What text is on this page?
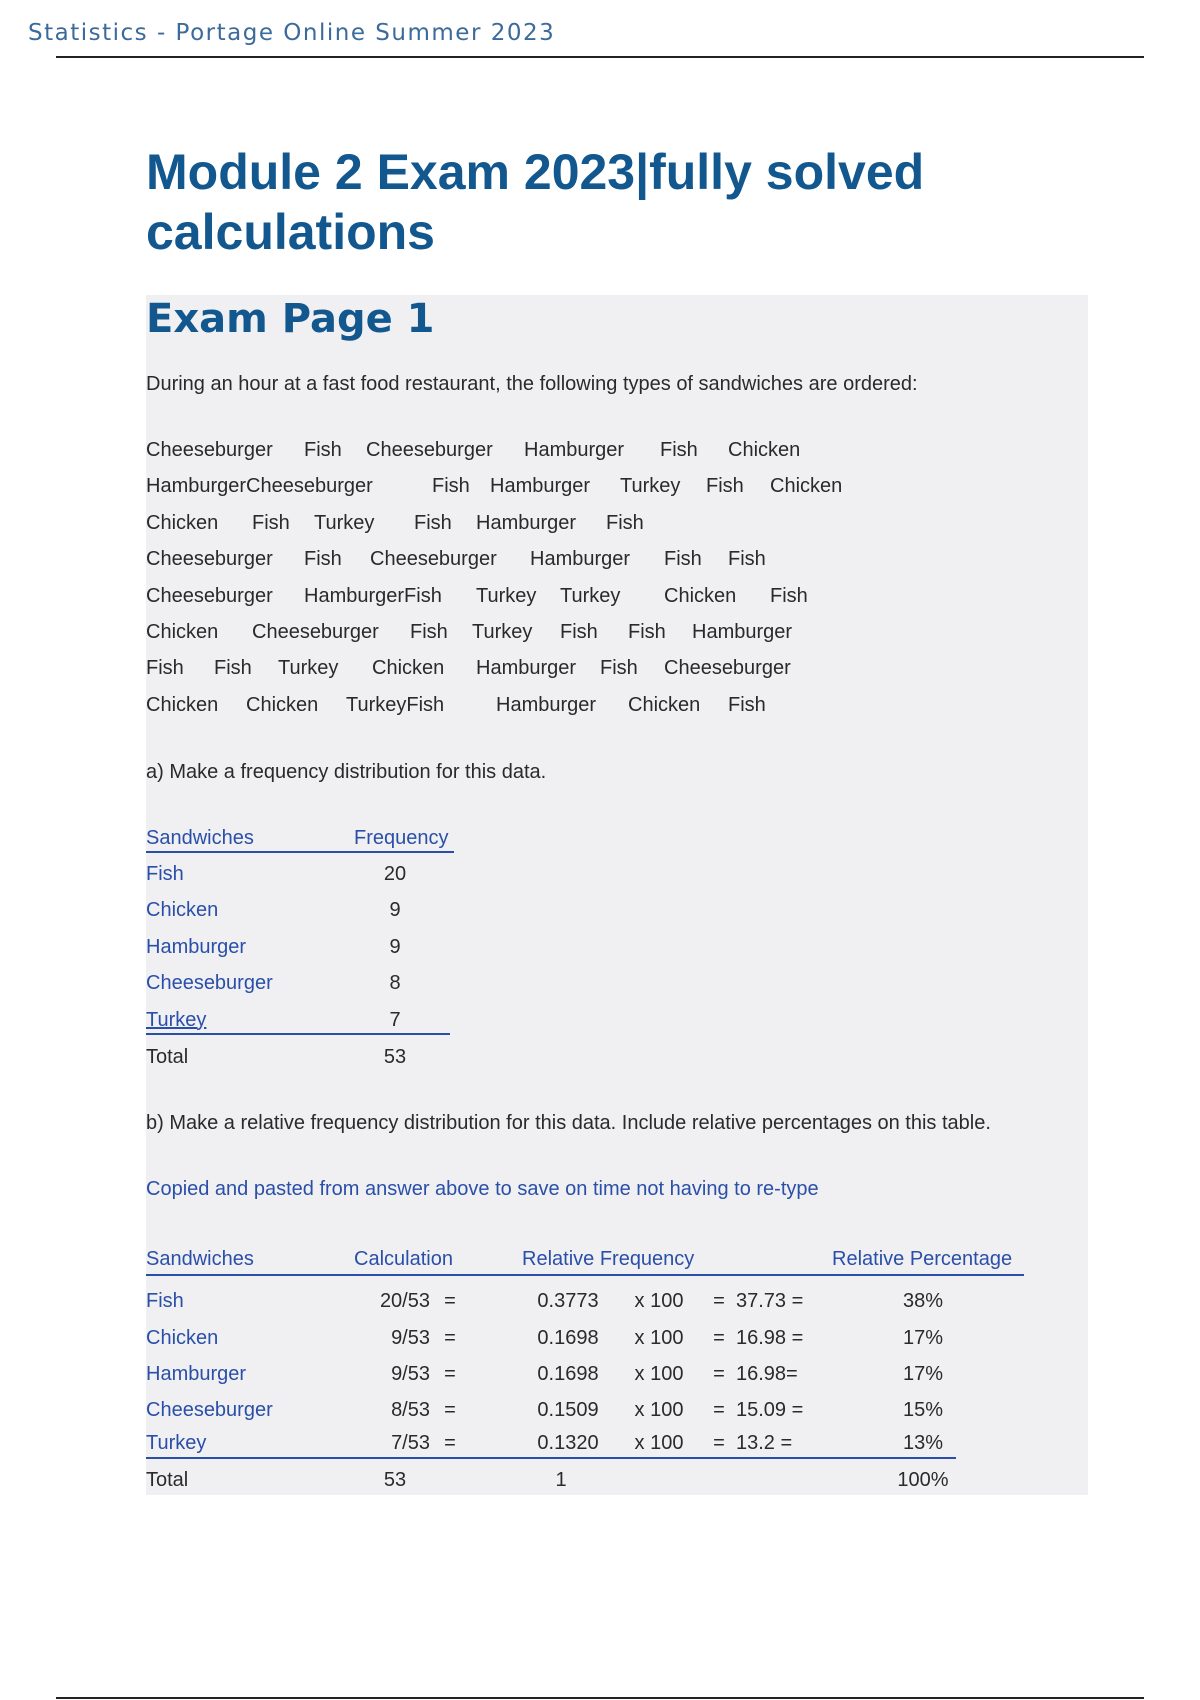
Statistics - Portage Online Summer 2023
Module 2 Exam 2023|fully solved calculations
Exam Page 1
During an hour at a fast food restaurant, the following types of sandwiches are ordered:
Cheeseburger Fish Cheeseburger Hamburger Fish Chicken
HamburgerCheeseburger	Fish Hamburger Turkey Fish Chicken
Chicken Fish Turkey Fish Hamburger Fish
Cheeseburger Fish Cheeseburger Hamburger Fish Fish
Cheeseburger HamburgerFish Turkey Turkey Chicken Fish
Chicken Cheeseburger Fish Turkey Fish Fish Hamburger
Fish Fish Turkey Chicken Hamburger Fish Cheeseburger
Chicken Chicken TurkeyFish	Hamburger Chicken Fish
a) Make a frequency distribution for this data.
Sandwiches	Frequency
Fish	20
Chicken	9
Hamburger	9
Cheeseburger	8
Turkey	7
Total	53
b) Make a relative frequency distribution for this data. Include relative percentages on this table.
Copied and pasted from answer above to save on time not having to re-type
Sandwiches	Calculation	Relative Frequency	Relative Percentage
Fish	20/53 =	0.3773	x 100	= 37.73 =	38%
Chicken	9/53 =	0.1698	x 100	= 16.98 =	17%
Hamburger	9/53 =	0.1698	x 100	= 16.98=	17%
Cheeseburger	8/53 =	0.1509	x 100	= 15.09 =	15%
Turkey	7/53 =	0.1320	x 100	= 13.2 =	13%
Total	53	1	100%
